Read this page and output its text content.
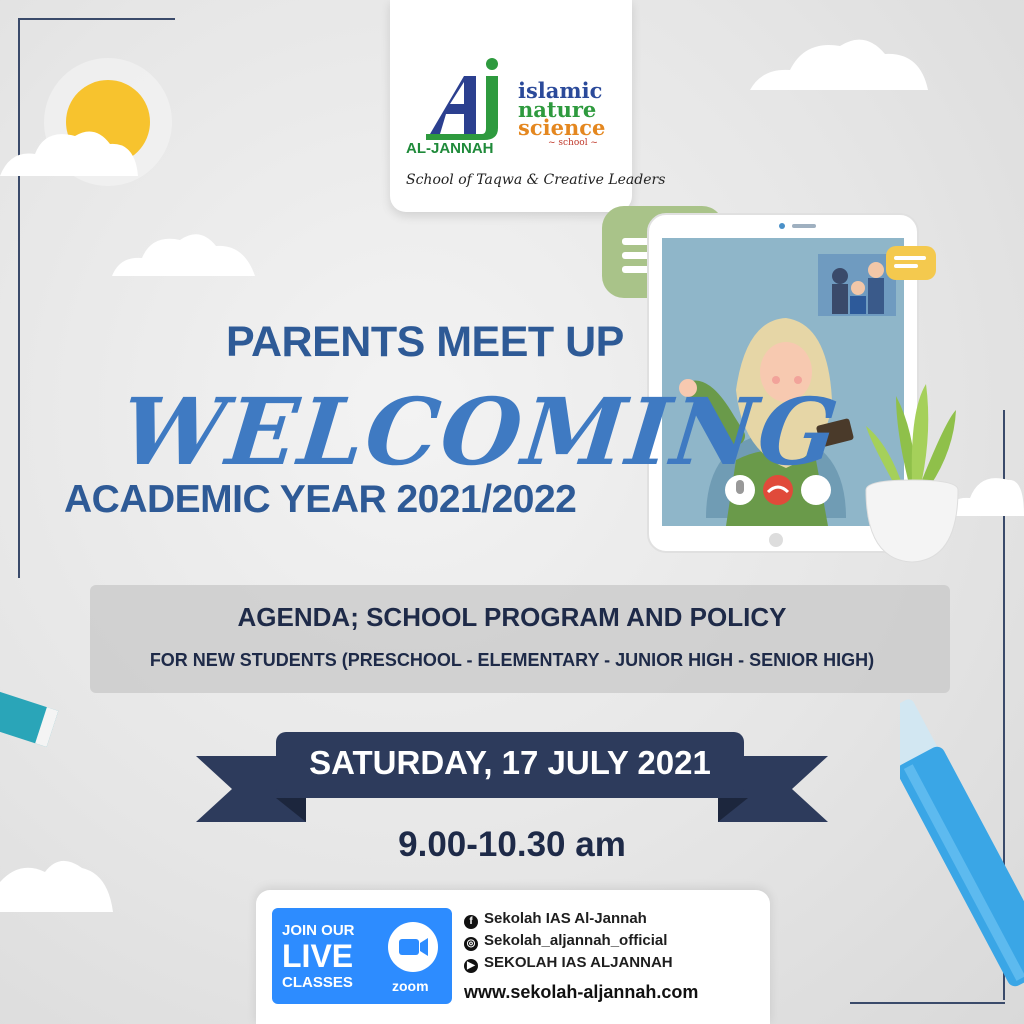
AL-JANNAH
islamic
nature
science
~ school ~
School of Taqwa & Creative Leaders
PARENTS MEET UP
WELCOMING
ACADEMIC YEAR 2021/2022
AGENDA; SCHOOL PROGRAM AND POLICY
FOR NEW STUDENTS (PRESCHOOL - ELEMENTARY - JUNIOR HIGH - SENIOR HIGH)
SATURDAY, 17 JULY 2021
9.00-10.30 am
JOIN OUR
LIVE
CLASSES	zoom
f Sekolah IAS Al-Jannah
◎ Sekolah_aljannah_official
▶ SEKOLAH IAS ALJANNAH
www.sekolah-aljannah.com
